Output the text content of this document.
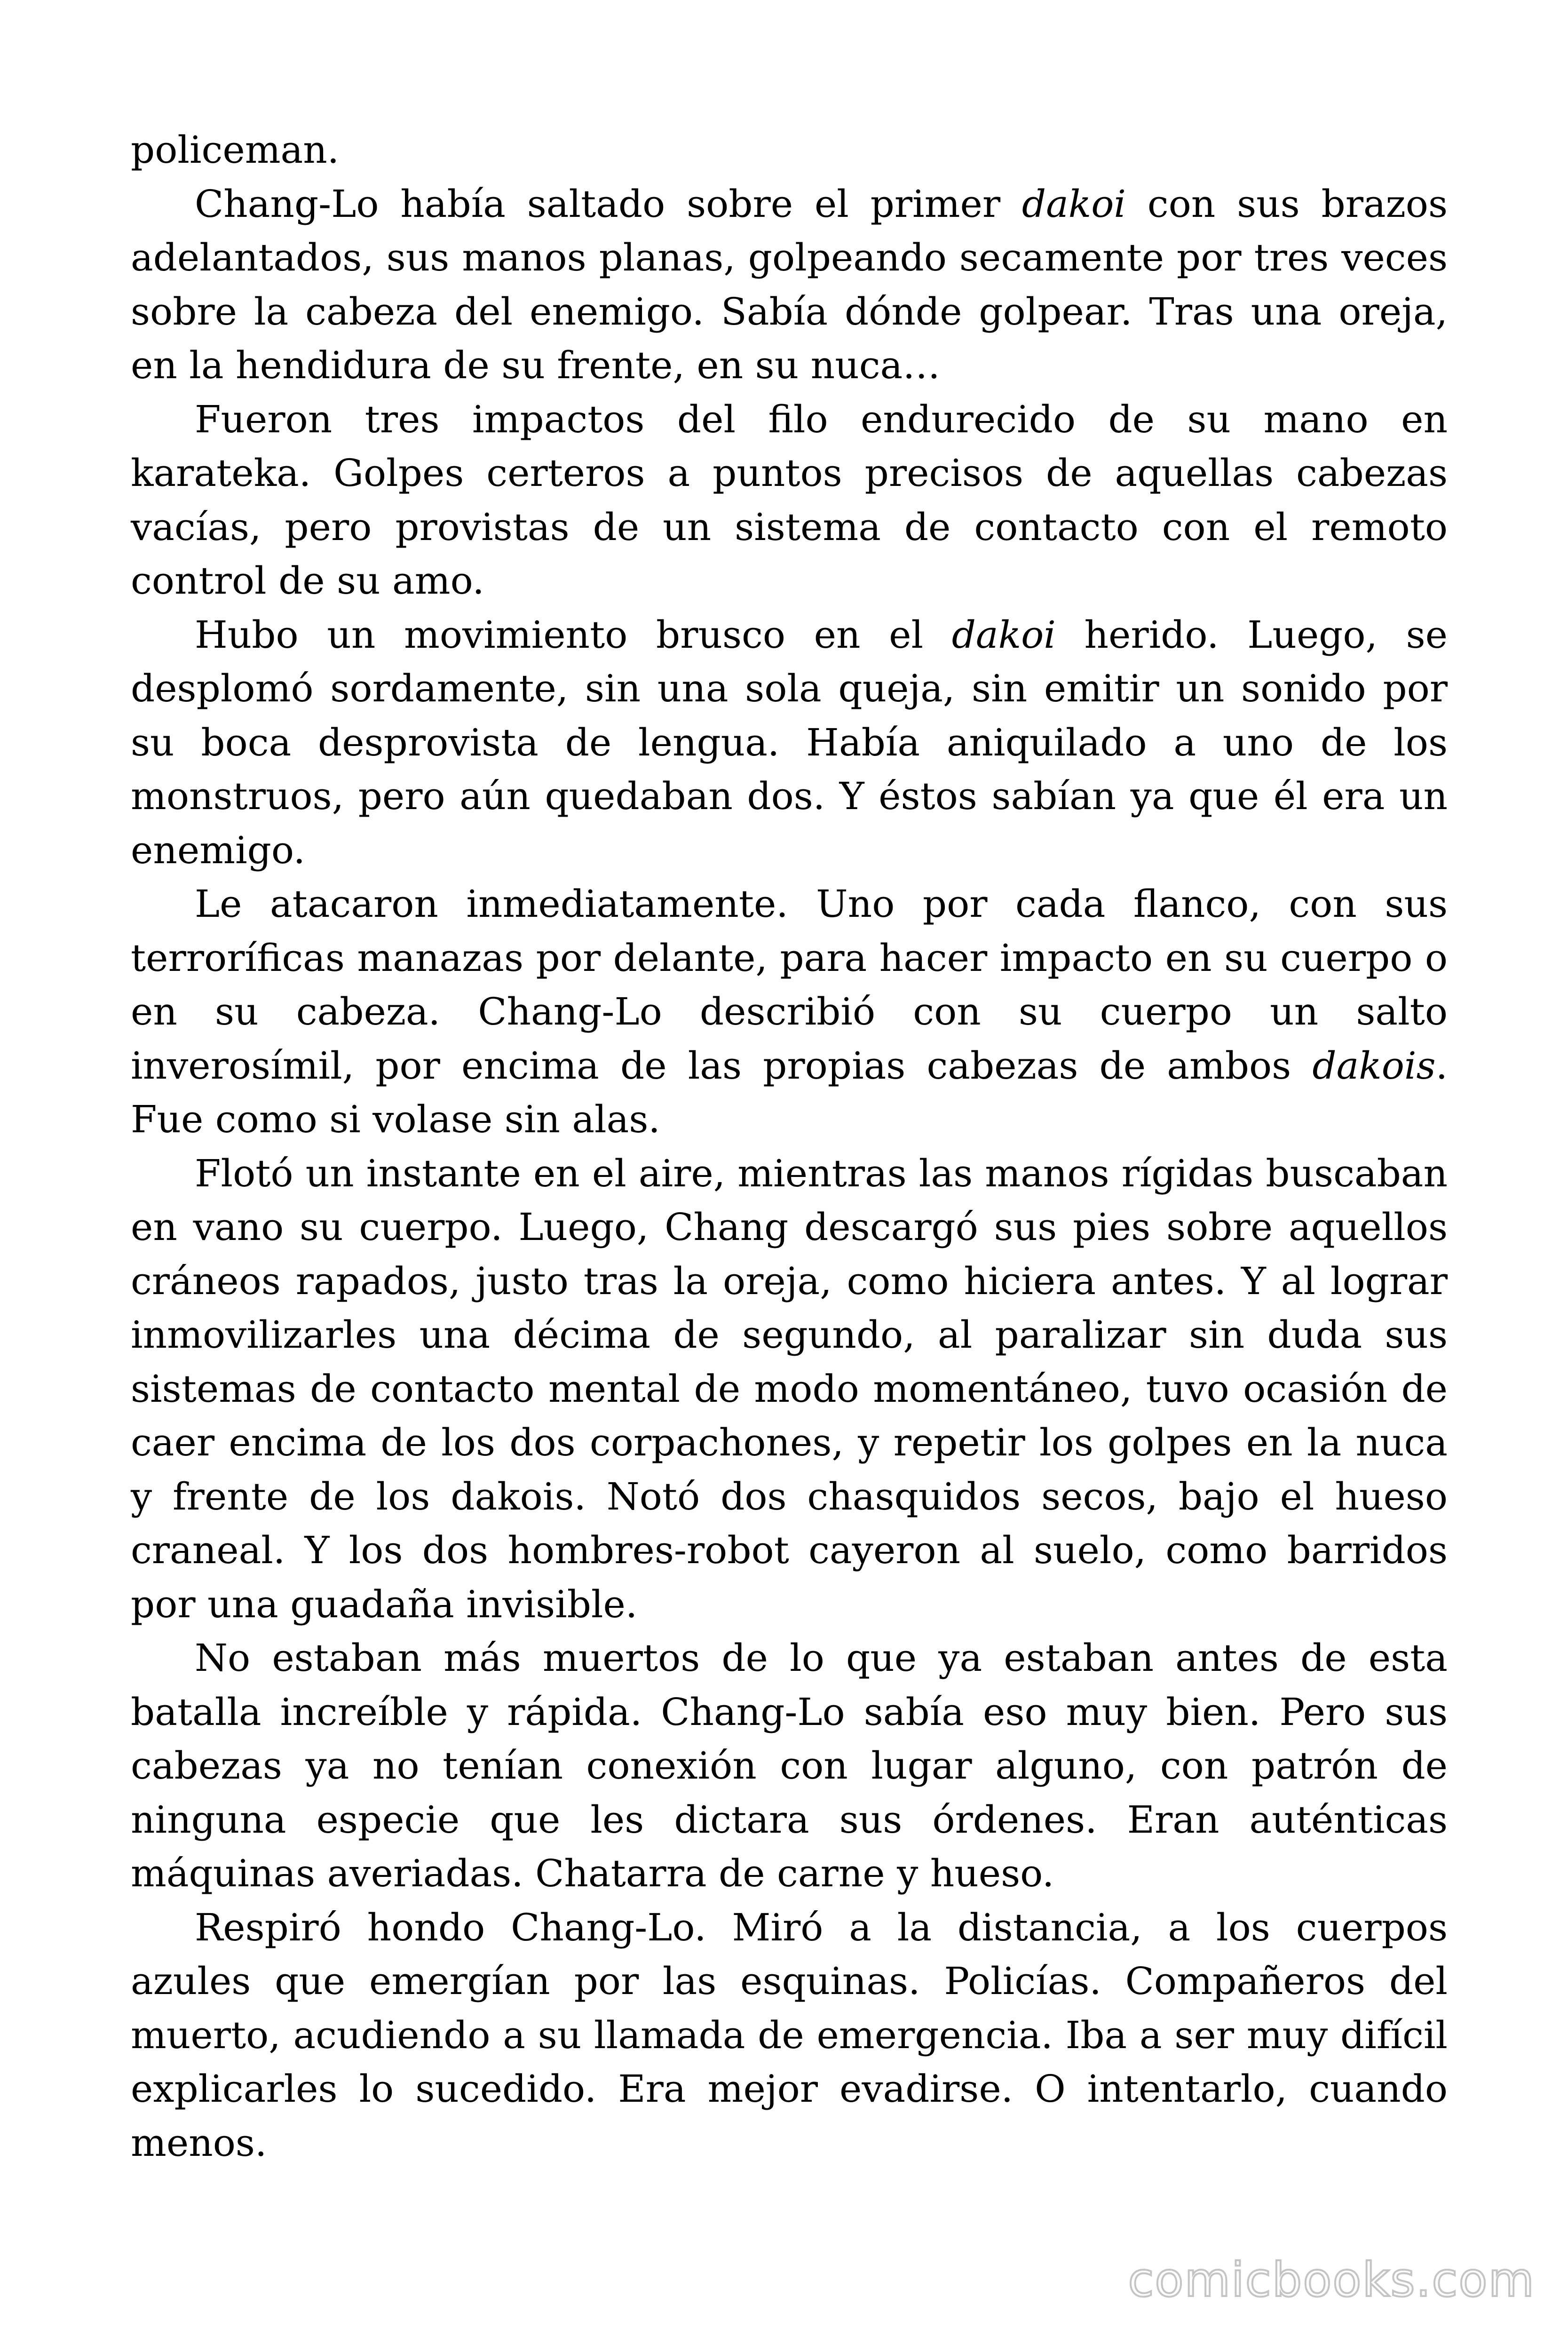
policeman.

Chang-Lo había saltado sobre el primer dakoi con sus brazos adelantados, sus manos planas, golpeando secamente por tres veces sobre la cabeza del enemigo. Sabía dónde golpear. Tras una oreja, en la hendidura de su frente, en su nuca…

Fueron tres impactos del filo endurecido de su mano en karateka. Golpes certeros a puntos precisos de aquellas cabezas vacías, pero provistas de un sistema de contacto con el remoto control de su amo.

Hubo un movimiento brusco en el dakoi herido. Luego, se desplomó sordamente, sin una sola queja, sin emitir un sonido por su boca desprovista de lengua. Había aniquilado a uno de los monstruos, pero aún quedaban dos. Y éstos sabían ya que él era un enemigo.

Le atacaron inmediatamente. Uno por cada flanco, con sus terroríficas manazas por delante, para hacer impacto en su cuerpo o en su cabeza. Chang-Lo describió con su cuerpo un salto inverosímil, por encima de las propias cabezas de ambos dakois. Fue como si volase sin alas.

Flotó un instante en el aire, mientras las manos rígidas buscaban en vano su cuerpo. Luego, Chang descargó sus pies sobre aquellos cráneos rapados, justo tras la oreja, como hiciera antes. Y al lograr inmovilizarles una décima de segundo, al paralizar sin duda sus sistemas de contacto mental de modo momentáneo, tuvo ocasión de caer encima de los dos corpachones, y repetir los golpes en la nuca y frente de los dakois. Notó dos chasquidos secos, bajo el hueso craneal. Y los dos hombres-robot cayeron al suelo, como barridos por una guadaña invisible.

No estaban más muertos de lo que ya estaban antes de esta batalla increíble y rápida. Chang-Lo sabía eso muy bien. Pero sus cabezas ya no tenían conexión con lugar alguno, con patrón de ninguna especie que les dictara sus órdenes. Eran auténticas máquinas averiadas. Chatarra de carne y hueso.

Respiró hondo Chang-Lo. Miró a la distancia, a los cuerpos azules que emergían por las esquinas. Policías. Compañeros del muerto, acudiendo a su llamada de emergencia. Iba a ser muy difícil explicarles lo sucedido. Era mejor evadirse. O intentarlo, cuando menos.

comicbooks.com
